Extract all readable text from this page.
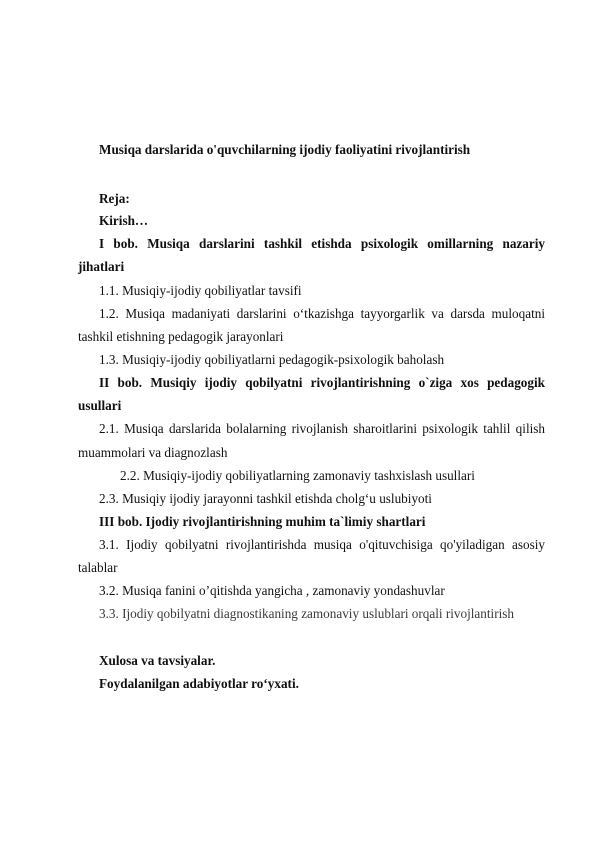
Musiqa darslarida o'quvchilarning ijodiy faoliyatini rivojlantirish
Reja:
Kirish…
I bob. Musiqa darslarini tashkil etishda psixologik omillarning nazariy
jihatlari
1.1. Musiqiy-ijodiy qobiliyatlar tavsifi
1.2. Musiqa madaniyati darslarini o‘tkazishga tayyorgarlik va darsda muloqatni
tashkil etishning pedagogik jarayonlari
1.3. Musiqiy-ijodiy qobiliyatlarni pedagogik-psixologik baholash
II bob. Musiqiy ijodiy qobilyatni rivojlantirishning o`ziga xos pedagogik
usullari
2.1. Musiqa darslarida bolalarning rivojlanish sharoitlarini psixologik tahlil qilish
muammolari va diagnozlash
2.2. Musiqiy-ijodiy qobiliyatlarning zamonaviy tashxislash usullari
2.3. Musiqiy ijodiy jarayonni tashkil etishda cholg‘u uslubiyoti
III bob. Ijodiy rivojlantirishning muhim ta`limiy shartlari
3.1. Ijodiy qobilyatni rivojlantirishda musiqa o'qituvchisiga qo'yiladigan asosiy
talablar
3.2. Musiqa fanini o’qitishda yangicha , zamonaviy yondashuvlar
3.3. Ijodiy qobilyatni diagnostikaning zamonaviy uslublari orqali rivojlantirish
Xulosa va tavsiyalar.
Foydalanilgan adabiyotlar ro‘yxati.
